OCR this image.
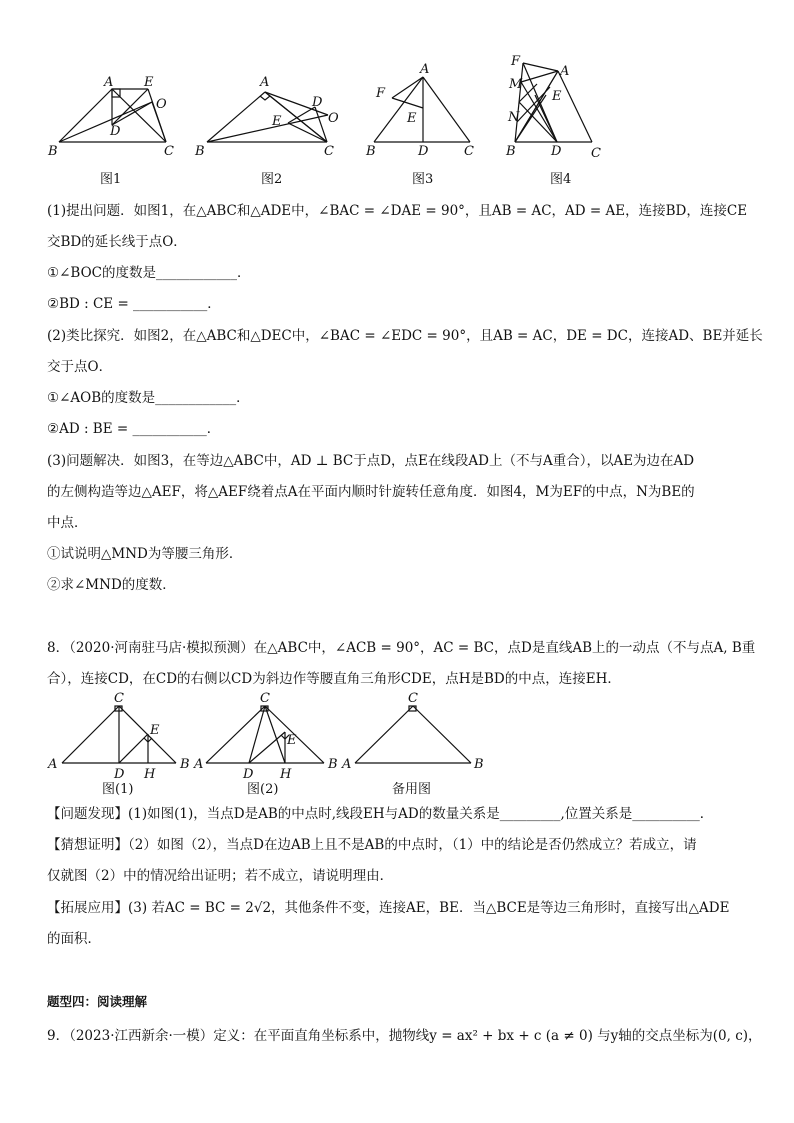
A E
O
D
B	C
图1
A
D
O
E
B	C
图2
A
F
E
B	D	C
图3
F
A
M
E
N
B	D C
图4
(1)提出问题．如图1，在△ABC和△ADE中，∠BAC = ∠DAE = 90°，且AB = AC，AD = AE，连接BD，连接CE
交BD的延长线于点O．
①∠BOC的度数是____________．
②BD : CE = ___________．
(2)类比探究．如图2，在△ABC和△DEC中，∠BAC = ∠EDC = 90°，且AB = AC，DE = DC，连接AD、BE并延长
交于点O．
①∠AOB的度数是____________．
②AD : BE = ___________．
(3)问题解决．如图3，在等边△ABC中，AD ⊥ BC于点D，点E在线段AD上（不与A重合），以AE为边在AD
的左侧构造等边△AEF，将△AEF绕着点A在平面内顺时针旋转任意角度．如图4，M为EF的中点，N为BE的
中点．
①试说明△MND为等腰三角形．
②求∠MND的度数．
8．（2020·河南驻马店·模拟预测）在△ABC中，∠ACB = 90°，AC = BC，点D是直线AB上的一动点（不与点A, B重
合），连接CD，在CD的右侧以CD为斜边作等腰直角三角形CDE，点H是BD的中点，连接EH．
C
E
A
D H
B
图(1)
C
E
A
D H
B
图(2)
C
A	B
备用图
【问题发现】(1)如图(1)，当点D是AB的中点时,线段EH与AD的数量关系是_________,位置关系是__________．
【猜想证明】（2）如图（2），当点D在边AB上且不是AB的中点时，（1）中的结论是否仍然成立？若成立，请
仅就图（2）中的情况给出证明；若不成立，请说明理由．
【拓展应用】(3) 若AC = BC = 2√2，其他条件不变，连接AE，BE．当△BCE是等边三角形时，直接写出△ADE
的面积．
题型四：阅读理解
9．（2023·江西新余·一模）定义：在平面直角坐标系中，抛物线y = ax² + bx + c (a ≠ 0) 与y轴的交点坐标为(0, c)，
